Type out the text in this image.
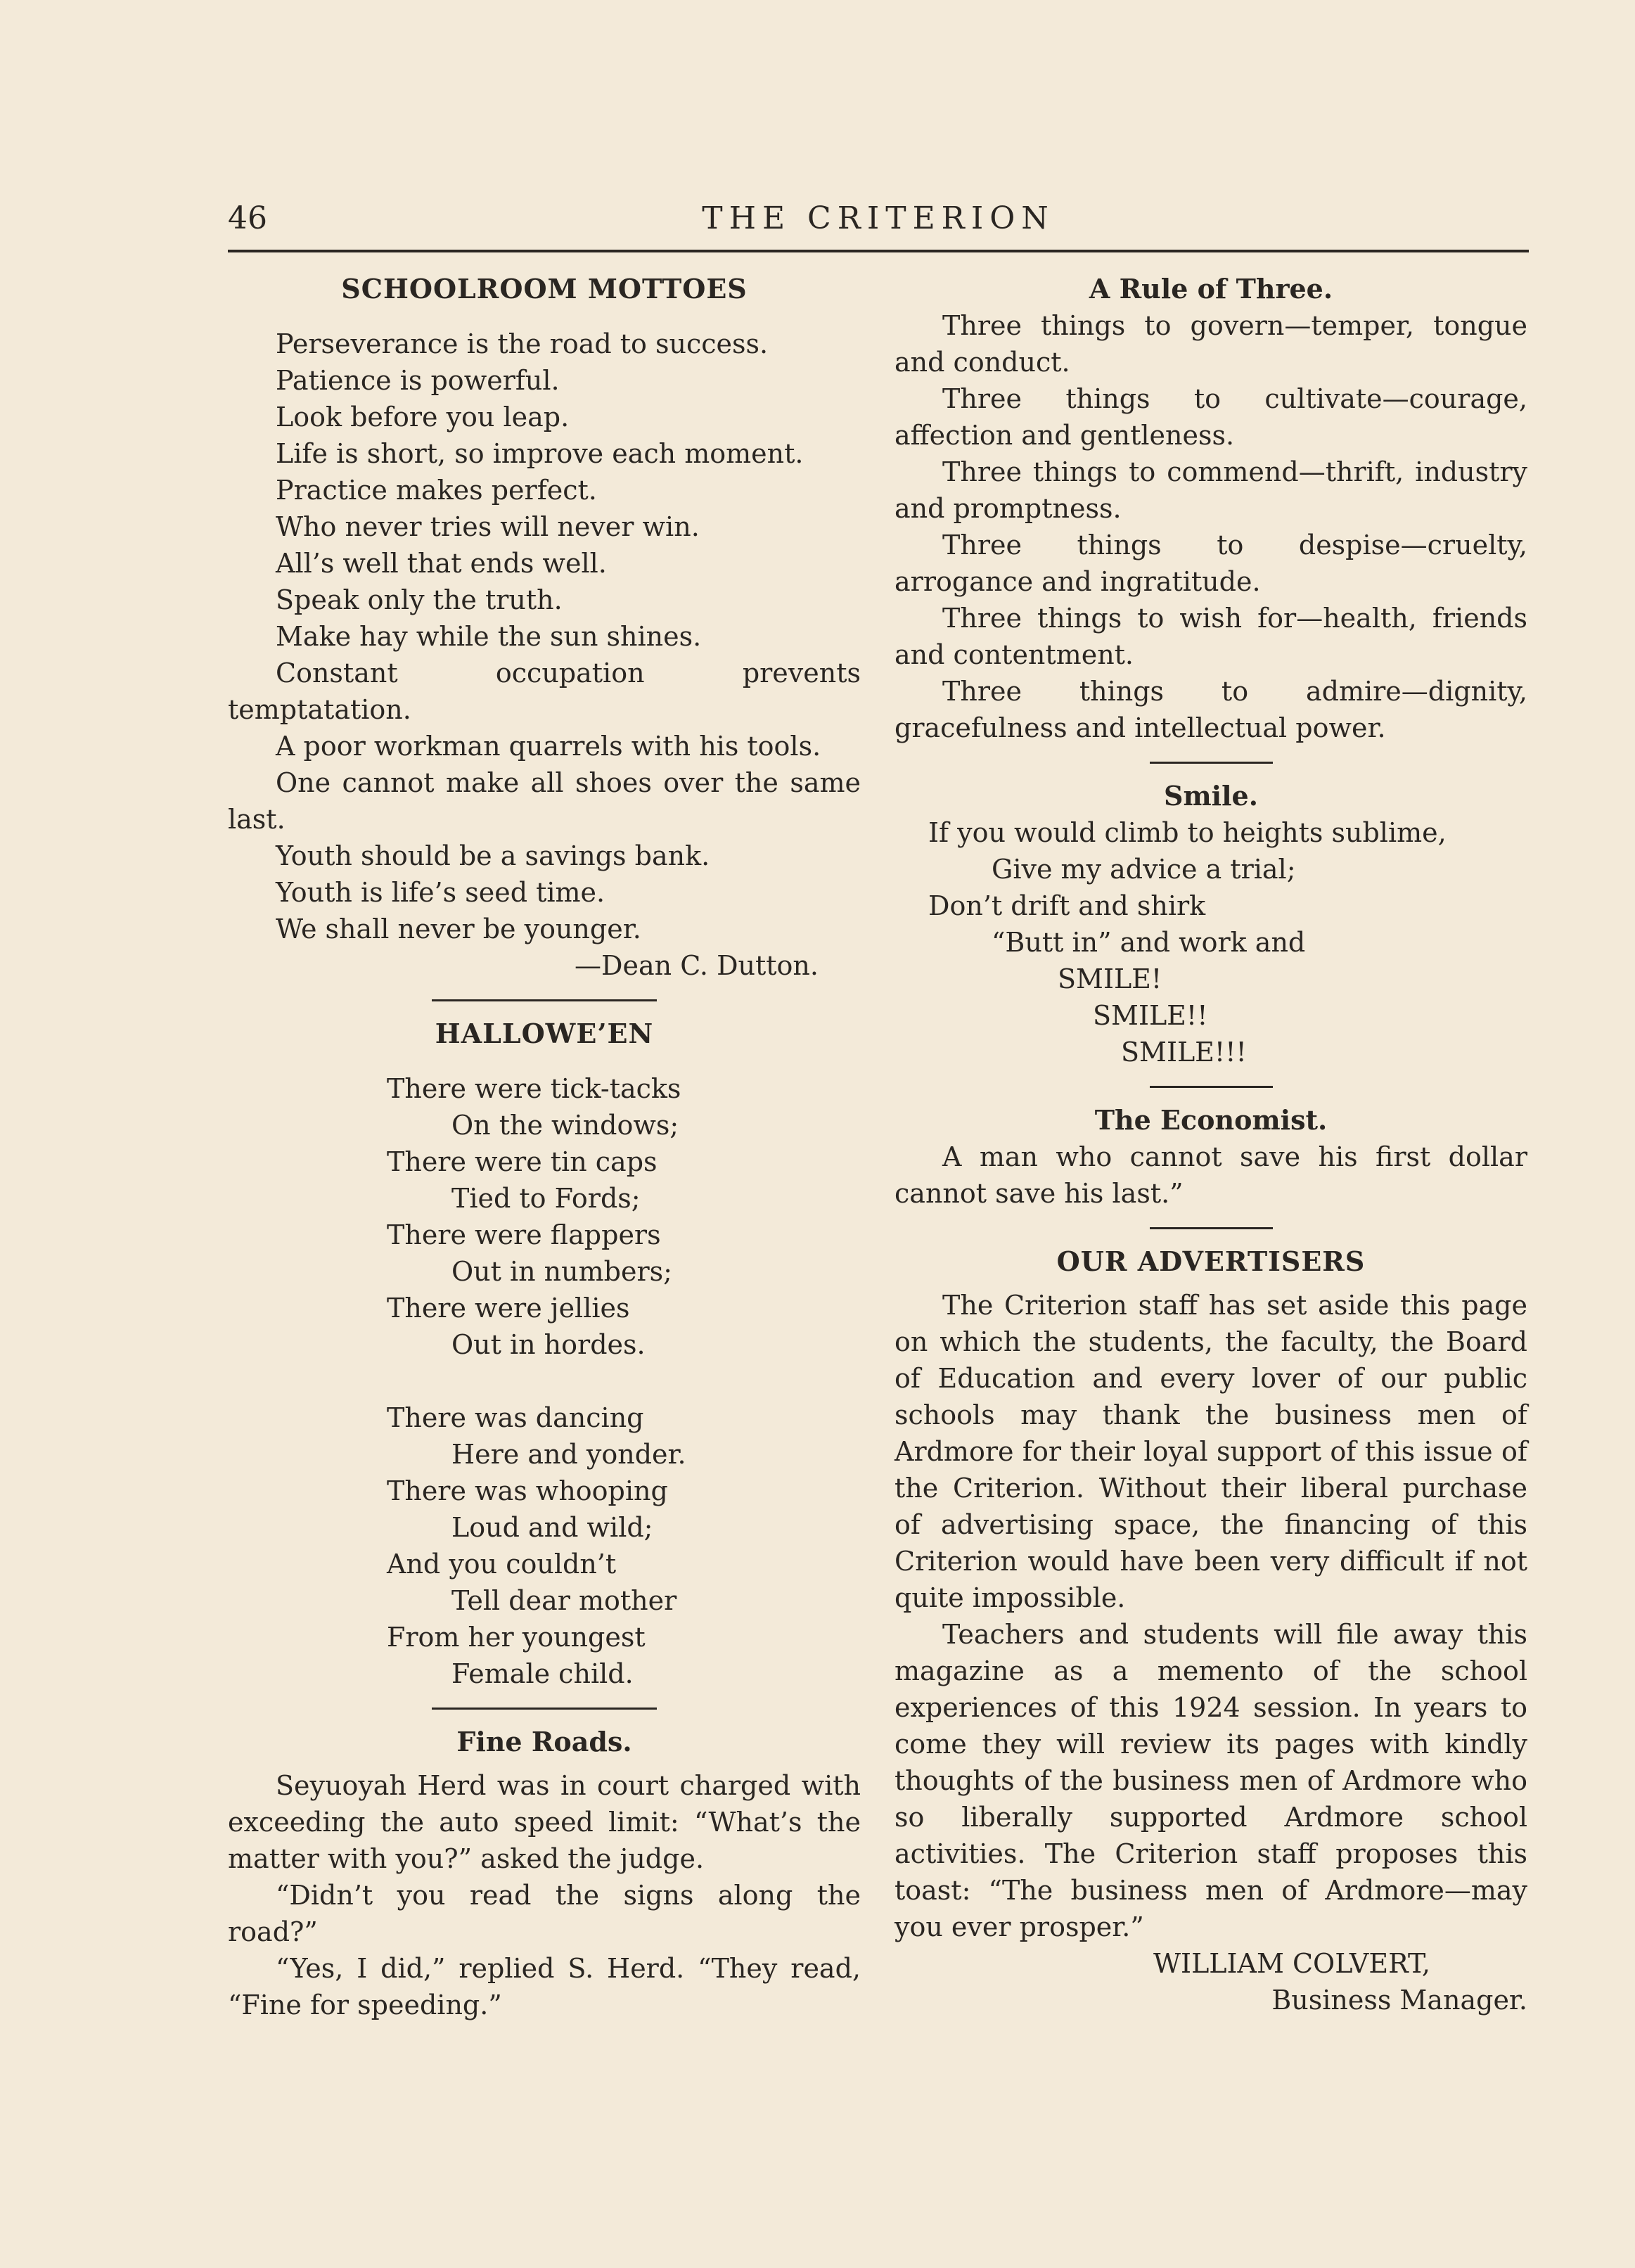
46	THE CRITERION
SCHOOLROOM MOTTOES

Perseverance is the road to success.

Patience is powerful.

Look before you leap.

Life is short, so improve each moment.

Practice makes perfect.

Who never tries will never win.

All’s well that ends well.

Speak only the truth.

Make hay while the sun shines.

Constant occupation prevents temptatation.

A poor workman quarrels with his tools.

One cannot make all shoes over the same last.

Youth should be a savings bank.

Youth is life’s seed time.

We shall never be younger.

—Dean C. Dutton.

HALLOWE’EN

There were tick-tacks

On the windows;

There were tin caps

Tied to Fords;

There were flappers

Out in numbers;

There were jellies

Out in hordes.

There was dancing

Here and yonder.

There was whooping

Loud and wild;

And you couldn’t

Tell dear mother

From her youngest

Female child.

Fine Roads.

Seyuoyah Herd was in court charged with exceeding the auto speed limit: “What’s the matter with you?” asked the judge.

“Didn’t you read the signs along the road?”

“Yes, I did,” replied S. Herd. “They read, “Fine for speeding.”

A Rule of Three.

Three things to govern—temper, tongue and conduct.

Three things to cultivate—courage, affection and gentleness.

Three things to commend—thrift, industry and promptness.

Three things to despise—cruelty, arrogance and ingratitude.

Three things to wish for—health, friends and contentment.

Three things to admire—dignity, gracefulness and intellectual power.

Smile.

If you would climb to heights sublime,

Give my advice a trial;

Don’t drift and shirk

“Butt in” and work and

SMILE!

SMILE!!

SMILE!!!

The Economist.

A man who cannot save his first dollar cannot save his last.”

OUR ADVERTISERS

The Criterion staff has set aside this page on which the students, the faculty, the Board of Education and every lover of our public schools may thank the business men of Ardmore for their loyal support of this issue of the Criterion. Without their liberal purchase of advertising space, the financing of this Criterion would have been very difficult if not quite impossible.

Teachers and students will file away this magazine as a memento of the school experiences of this 1924 session. In years to come they will review its pages with kindly thoughts of the business men of Ardmore who so liberally supported Ardmore school activities. The Criterion staff proposes this toast: “The business men of Ardmore—may you ever prosper.”

WILLIAM COLVERT,

Business Manager.
